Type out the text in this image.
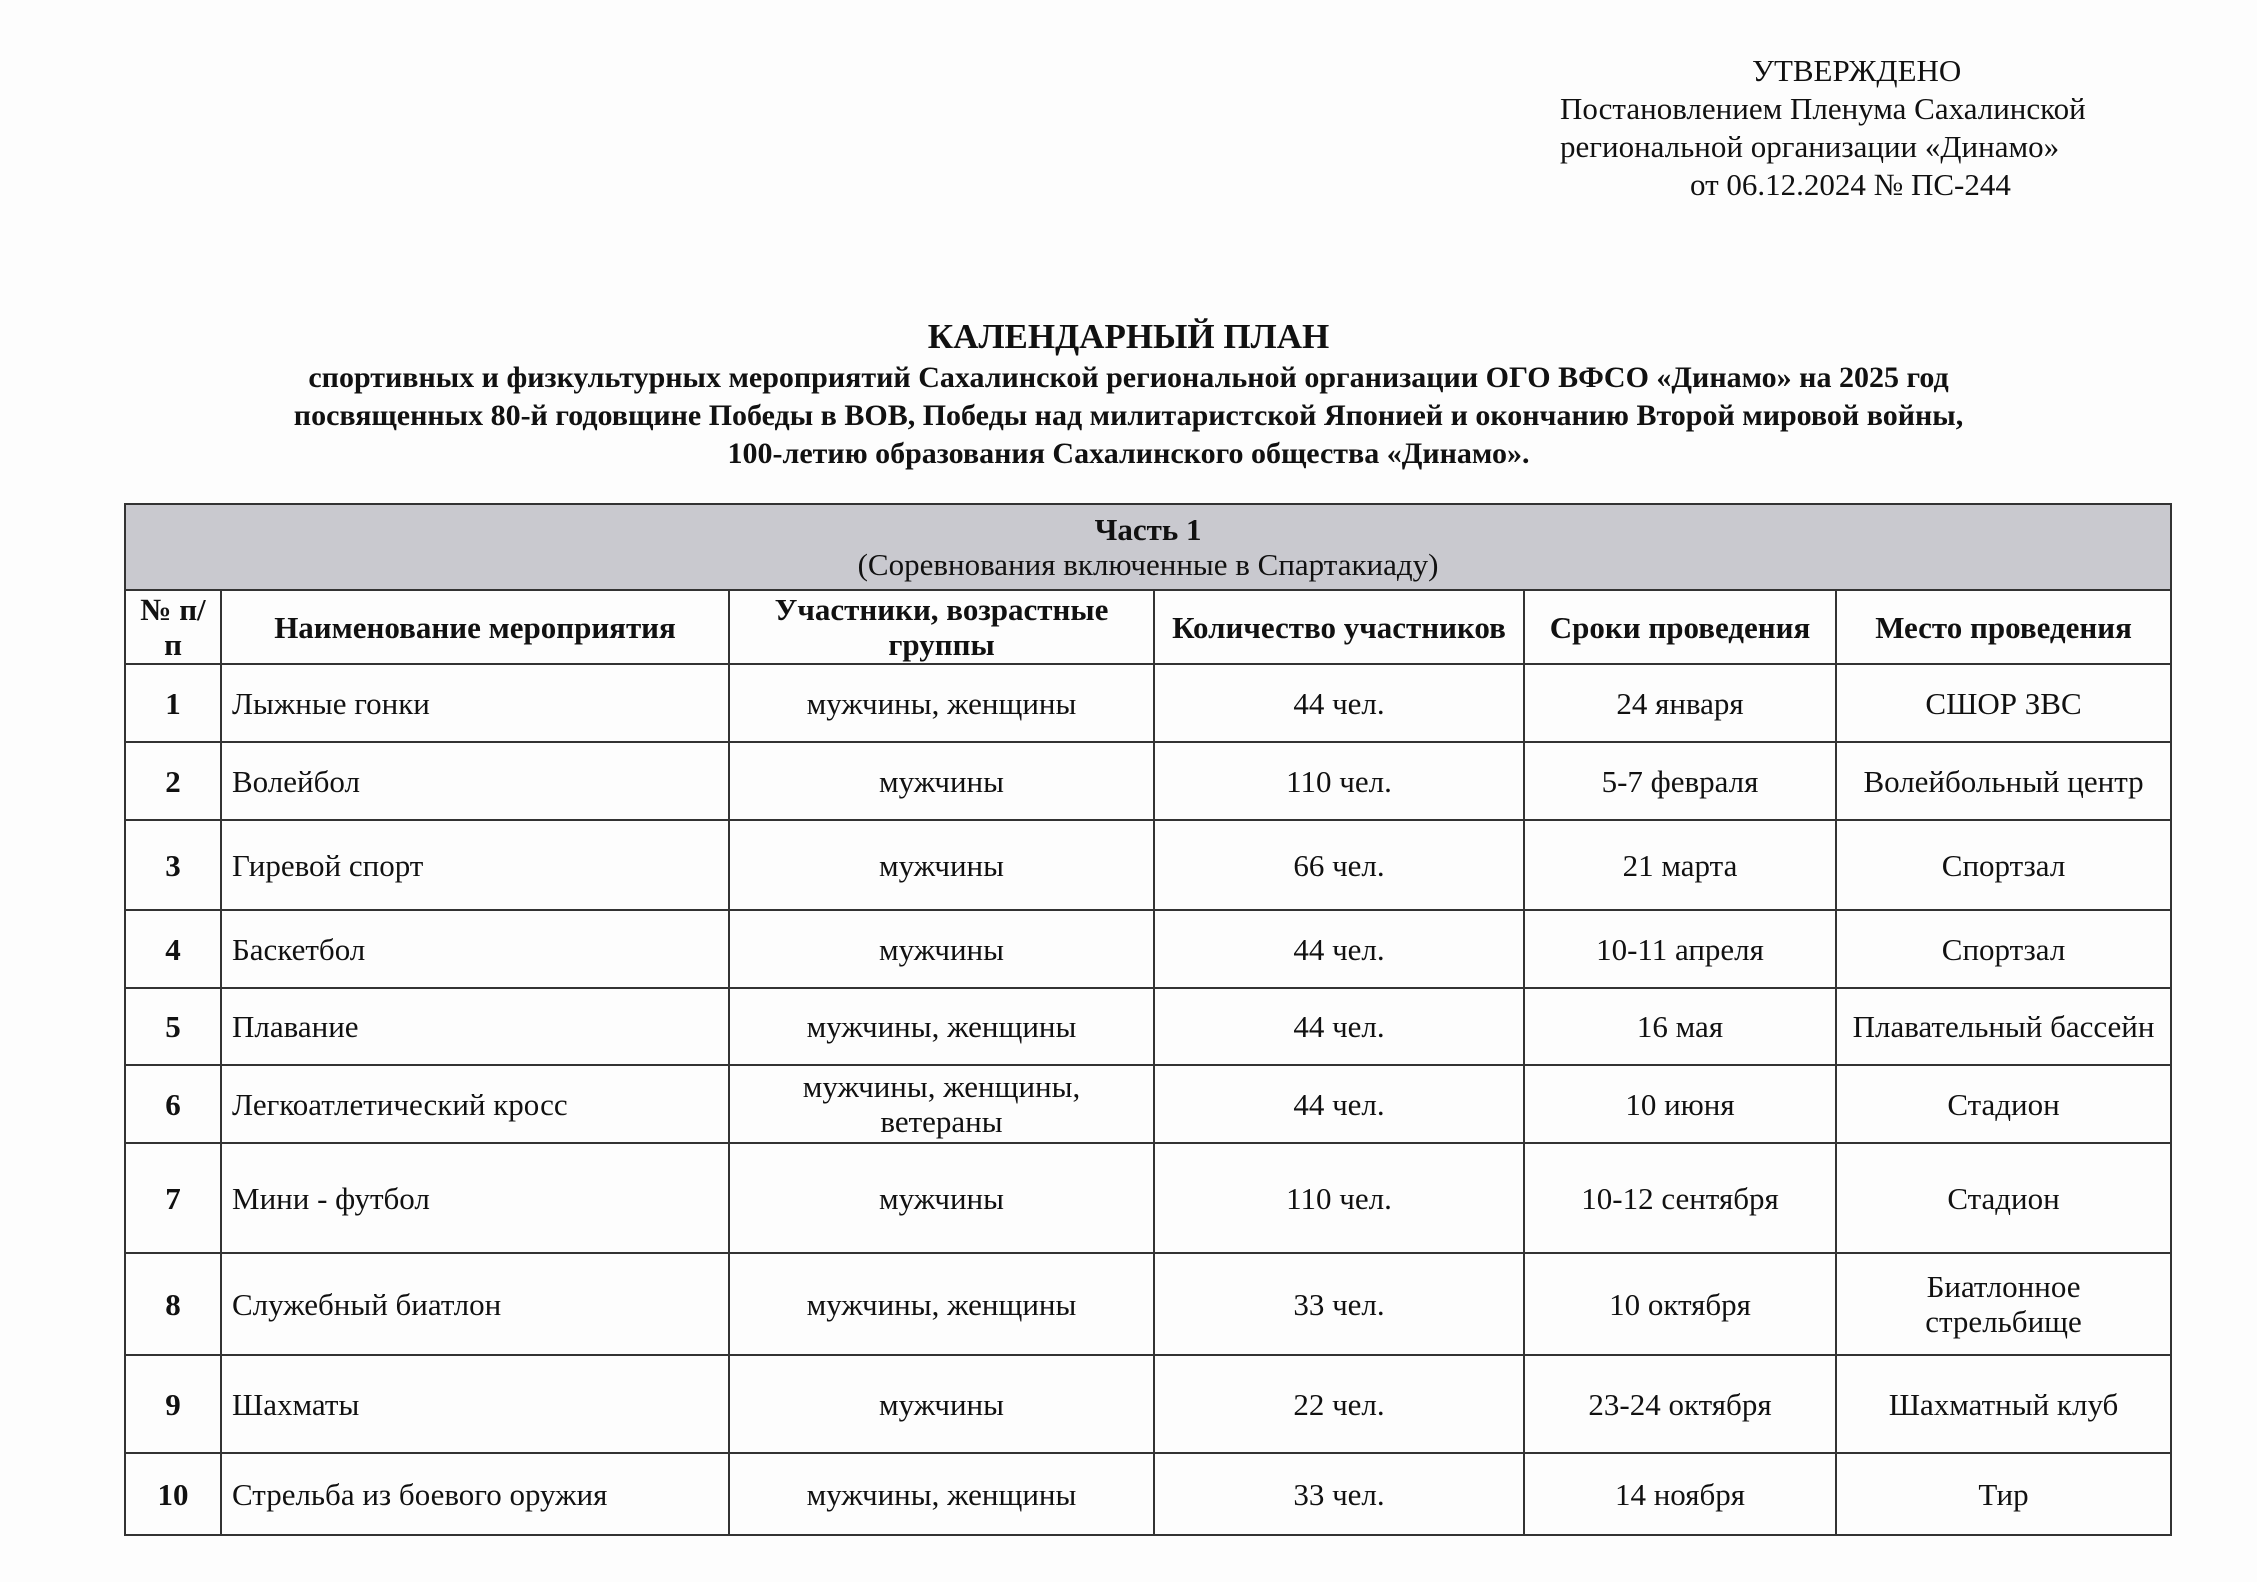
УТВЕРЖДЕНО
Постановлением Пленума Сахалинской
региональной организации «Динамо»
от 06.12.2024 № ПС-244
КАЛЕНДАРНЫЙ ПЛАН
спортивных и физкультурных мероприятий Сахалинской региональной организации ОГО ВФСО «Динамо» на 2025 год
посвященных 80-й годовщине Победы в ВОВ, Победы над милитаристской Японией и окончанию Второй мировой войны,
100-летию образования Сахалинского общества «Динамо».
Часть 1
(Соревнования включенные в Спартакиаду)					

№ п/п	Наименование мероприятия	Участники, возрастные группы	Количество участников	Сроки проведения	Место проведения
1	Лыжные гонки	мужчины, женщины	44 чел.	24 января	СШОР ЗВС
2	Волейбол	мужчины	110 чел.	5-7 февраля	Волейбольный центр
3	Гиревой спорт	мужчины	66 чел.	21 марта	Спортзал
4	Баскетбол	мужчины	44 чел.	10-11 апреля	Спортзал
5	Плавание	мужчины, женщины	44 чел.	16 мая	Плавательный бассейн
6	Легкоатлетический кросс	мужчины, женщины, ветераны	44 чел.	10 июня	Стадион
7	Мини - футбол	мужчины	110 чел.	10-12 сентября	Стадион
8	Служебный биатлон	мужчины, женщины	33 чел.	10 октября	Биатлонное стрельбище
9	Шахматы	мужчины	22 чел.	23-24 октября	Шахматный клуб
10	Стрельба из боевого оружия	мужчины, женщины	33 чел.	14 ноября	Тир
